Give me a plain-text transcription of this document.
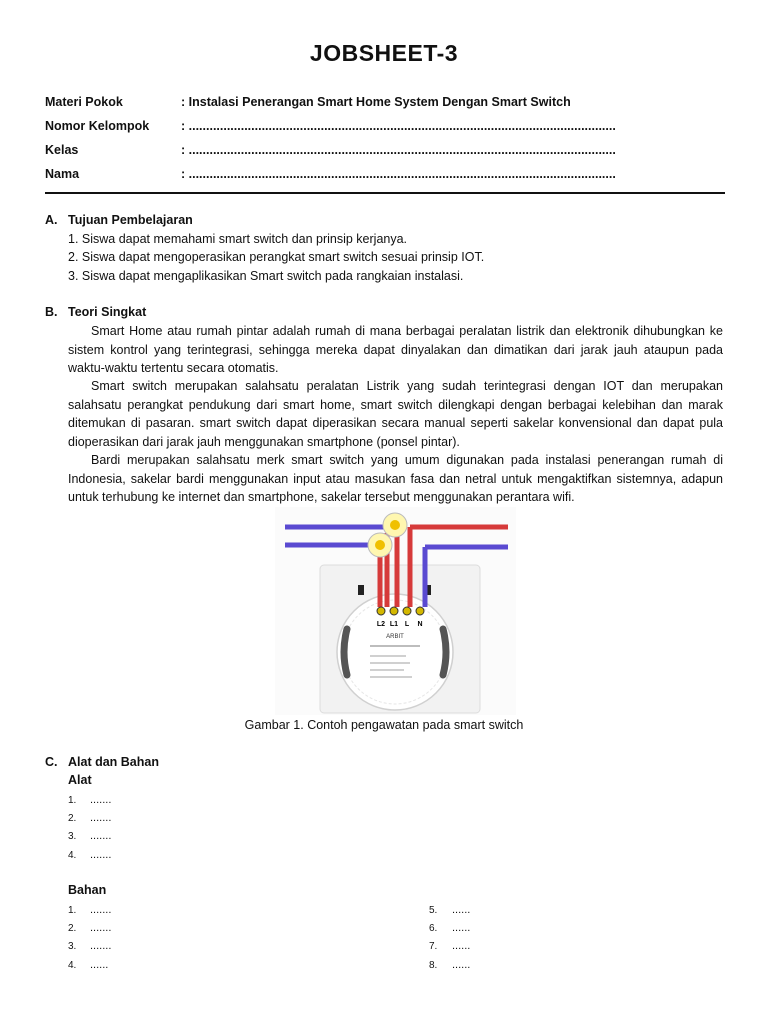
JOBSHEET-3
Materi Pokok	: Instalasi Penerangan Smart Home System Dengan Smart Switch
Nomor Kelompok	: ...........................................................................................................................
Kelas	: ...........................................................................................................................
Nama	: ...........................................................................................................................
A. Tujuan Pembelajaran
1. Siswa dapat memahami smart switch dan prinsip kerjanya.
2. Siswa dapat mengoperasikan perangkat smart switch sesuai prinsip IOT.
3. Siswa dapat mengaplikasikan Smart switch pada rangkaian instalasi.
B. Teori Singkat
Smart Home atau rumah pintar adalah rumah di mana berbagai peralatan listrik dan elektronik dihubungkan ke sistem kontrol yang terintegrasi, sehingga mereka dapat dinyalakan dan dimatikan dari jarak jauh ataupun pada waktu-waktu tertentu secara otomatis.
Smart switch merupakan salahsatu peralatan Listrik yang sudah terintegrasi dengan IOT dan merupakan salahsatu perangkat pendukung dari smart home, smart switch dilengkapi dengan berbagai kelebihan dan marak ditemukan di pasaran. smart switch dapat diperasikan secara manual seperti sakelar konvensional dan dapat pula dioperasikan dari jarak jauh menggunakan smartphone (ponsel pintar).
Bardi merupakan salahsatu merk smart switch yang umum digunakan pada instalasi penerangan rumah di Indonesia, sakelar bardi menggunakan input atau masukan fasa dan netral untuk mengaktifkan sistemnya, adapun untuk terhubung ke internet dan smartphone, sakelar tersebut menggunakan perantara wifi.
L2 L1 L N
ARBIT
Gambar 1. Contoh pengawatan pada smart switch
C. Alat dan Bahan
Alat
1. .......
2. .......
3. .......
4. .......
Bahan
1. .......
2. .......
3. .......
4. ......
5. ......
6. ......
7. ......
8. ......
